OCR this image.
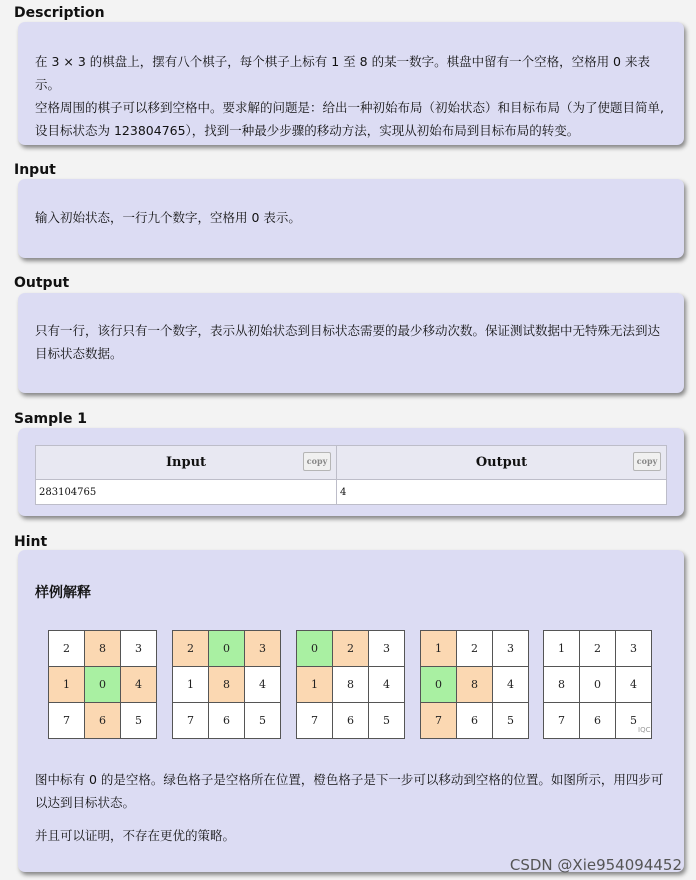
Description

在 3 × 3 的棋盘上，摆有八个棋子，每个棋子上标有 1 至 8 的某一数字。棋盘中留有一个空格，空格用 0 来表示。

空格周围的棋子可以移到空格中。要求解的问题是：给出一种初始布局（初始状态）和目标布局（为了使题目简单,

设目标状态为 123804765），找到一种最少步骤的移动方法，实现从初始布局到目标布局的转变。

Input

输入初始状态，一行九个数字，空格用 0 表示。

Output

只有一行，该行只有一个数字，表示从初始状态到目标状态需要的最少移动次数。保证测试数据中无特殊无法到达

目标状态数据。

Sample 1
Input copy	Output copy

283104765	4
Hint
样例解释
2	8	3
1	0	4
7	6	5
2	0	3
1	8	4
7	6	5
0	2	3
1	8	4
7	6	5
1	2	3
0	8	4
7	6	5
1	2	3
8	0	4
7	6	5
IQC

图中标有 0 的是空格。绿色格子是空格所在位置，橙色格子是下一步可以移动到空格的位置。如图所示，用四步可

以达到目标状态。

并且可以证明，不存在更优的策略。

CSDN @Xie954094452
